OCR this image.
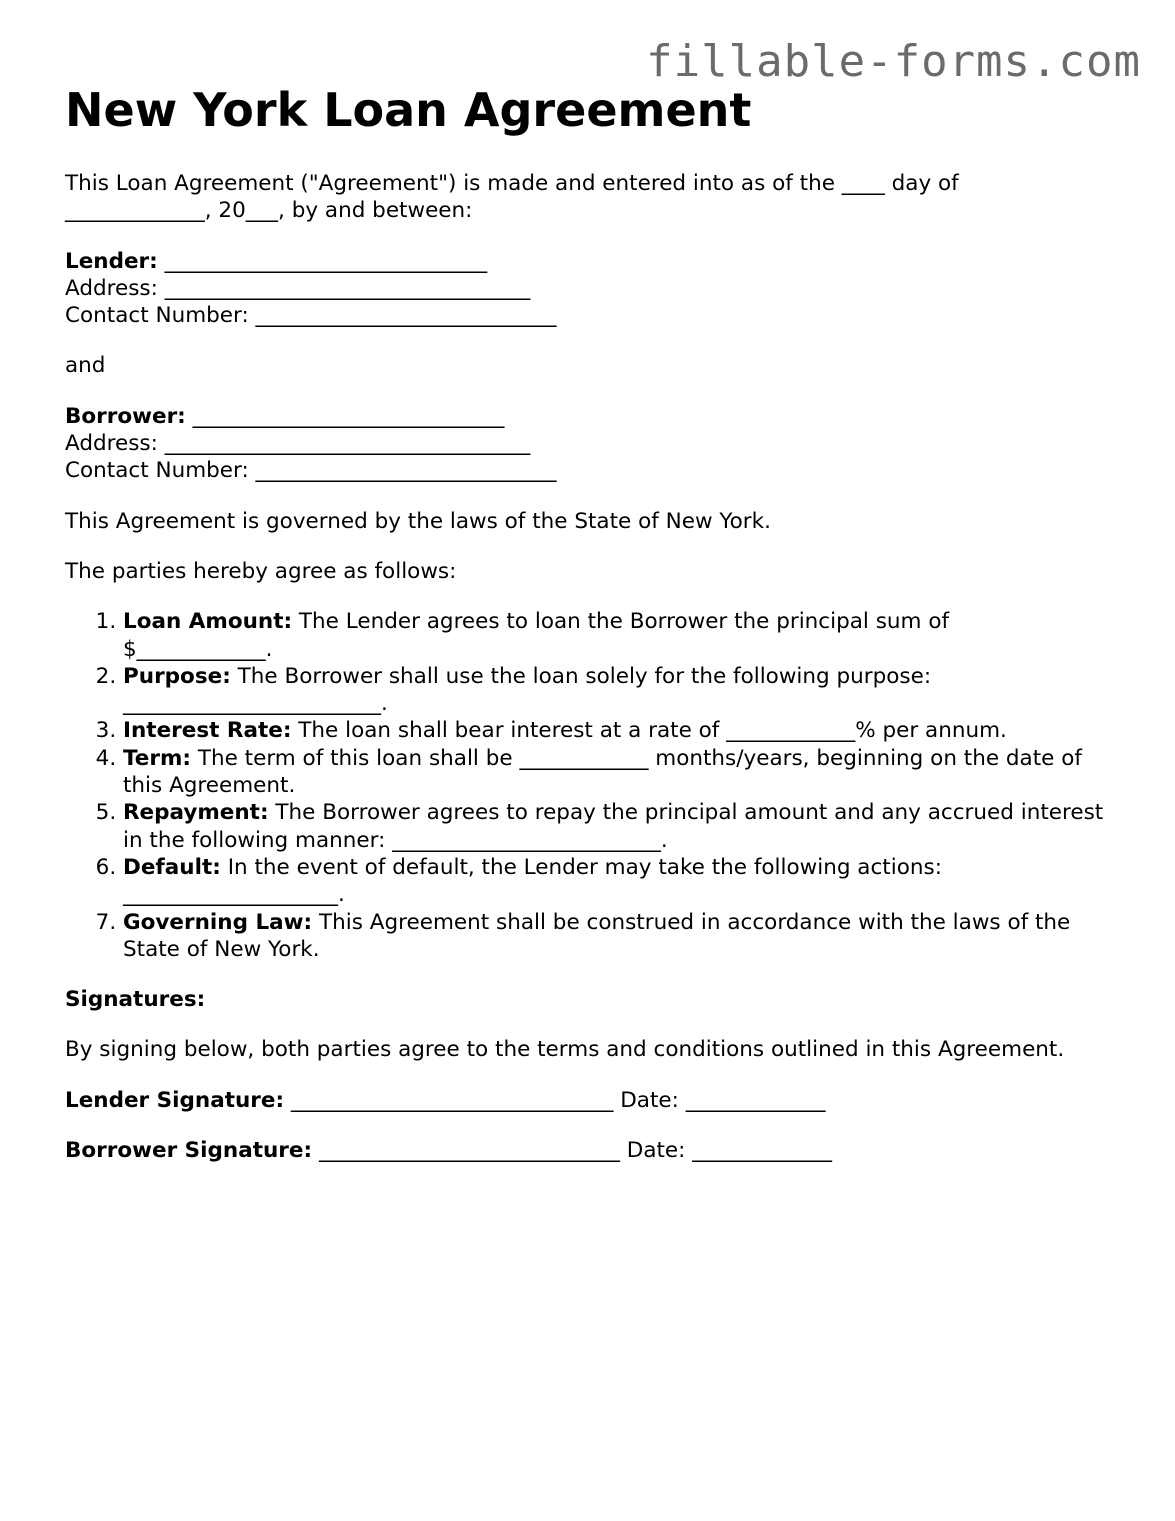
fillable-forms.com
New York Loan Agreement

This Loan Agreement ("Agreement") is made and entered into as of the ____ day of
_____________, 20___, by and between:

Lender: ______________________________
Address: __________________________________
Contact Number: ____________________________

and

Borrower: _____________________________
Address: __________________________________
Contact Number: ____________________________

This Agreement is governed by the laws of the State of New York.

The parties hereby agree as follows:

1. Loan Amount: The Lender agrees to loan the Borrower the principal sum of $____________.
2. Purpose: The Borrower shall use the loan solely for the following purpose: ________________________.
3. Interest Rate: The loan shall bear interest at a rate of ____________% per annum.
4. Term: The term of this loan shall be ____________ months/years, beginning on the date of this Agreement.
5. Repayment: The Borrower agrees to repay the principal amount and any accrued interest in the following manner: _________________________.
6. Default: In the event of default, the Lender may take the following actions: ____________________.
7. Governing Law: This Agreement shall be construed in accordance with the laws of the State of New York.

Signatures:

By signing below, both parties agree to the terms and conditions outlined in this Agreement.

Lender Signature: ______________________________ Date: _____________

Borrower Signature: ____________________________ Date: _____________
